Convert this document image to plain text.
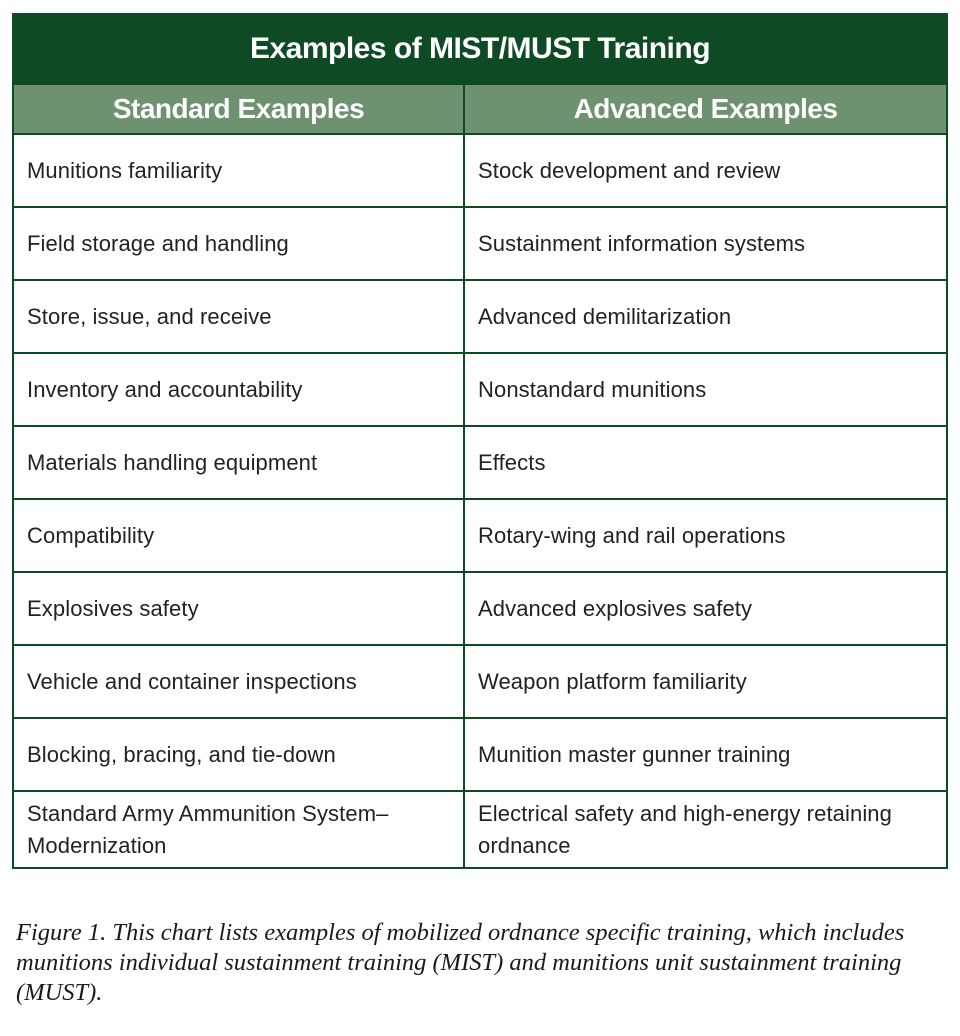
Examples of MIST/MUST Training	
Standard Examples	Advanced Examples
Munitions familiarity	Stock development and review
Field storage and handling	Sustainment information systems
Store, issue, and receive	Advanced demilitarization
Inventory and accountability	Nonstandard munitions
Materials handling equipment	Effects
Compatibility	Rotary-wing and rail operations
Explosives safety	Advanced explosives safety
Vehicle and container inspections	Weapon platform familiarity
Blocking, bracing, and tie-down	Munition master gunner training
Standard Army Ammunition System– Modernization	Electrical safety and high-energy retaining ordnance

Figure 1. This chart lists examples of mobilized ordnance specific training, which includes munitions individual sustainment training (MIST) and munitions unit sustainment training (MUST).
